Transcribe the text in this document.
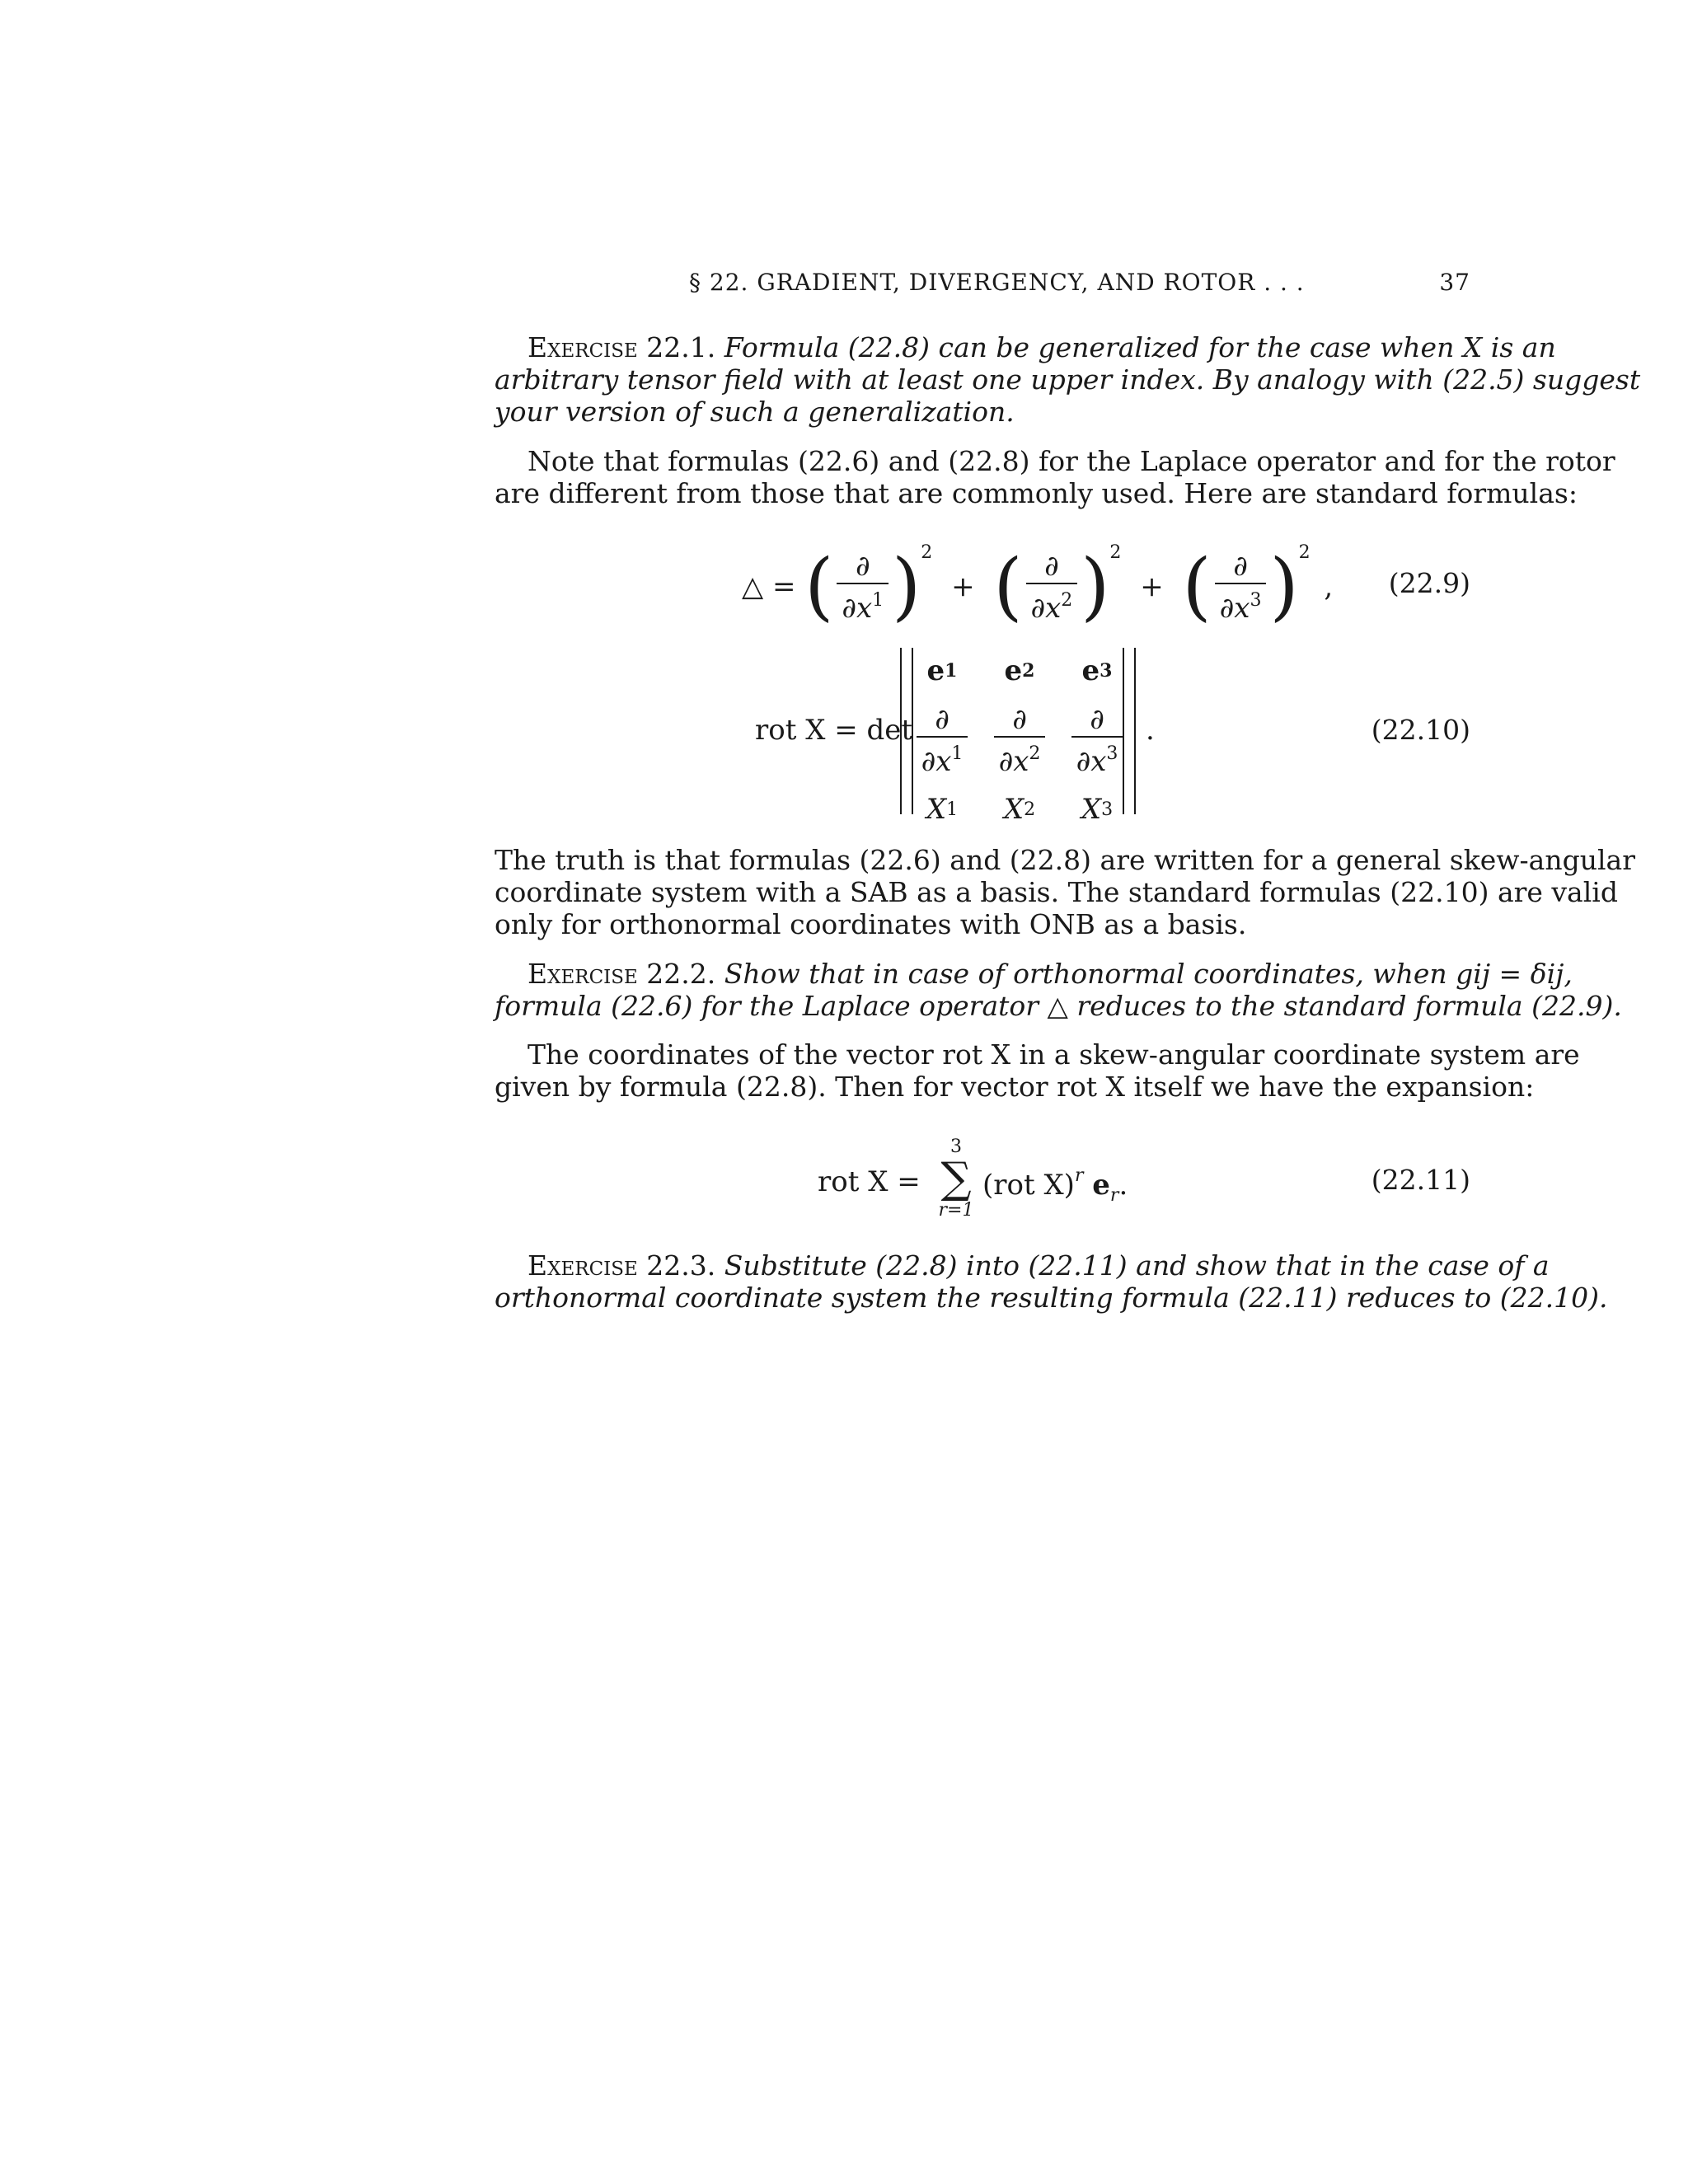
§ 22. GRADIENT, DIVERGENCY, AND ROTOR . . .	37
Exercise 22.1. Formula (22.8) can be generalized for the case when X is an
arbitrary tensor field with at least one upper index. By analogy with (22.5) suggest
your version of such a generalization.
Note that formulas (22.6) and (22.8) for the Laplace operator and for the rotor
are different from those that are commonly used. Here are standard formulas:
△ = ( $\frac{\partial}{\partial x^1} )^2$ + ( $\frac{\partial}{\partial x^2} )^2$ + ( $\frac{\partial}{\partial x^3} )^2$ , (22.9)
rot X = det
e 1 e 2 e 3
$\frac{\partial}{\partial x^1} \frac{\partial}{\partial x^2} \frac{\partial}{\partial x^3}$
X 1 X 2 X 3
.	(22.10)
The truth is that formulas (22.6) and (22.8) are written for a general skew-angular
coordinate system with a SAB as a basis. The standard formulas (22.10) are valid
only for orthonormal coordinates with ONB as a basis.
Exercise 22.2. Show that in case of orthonormal coordinates, when gij = δij,
formula (22.6) for the Laplace operator △ reduces to the standard formula (22.9).
The coordinates of the vector rot X in a skew-angular coordinate system are
given by formula (22.8). Then for vector rot X itself we have the expansion:
rot X =
3
∑
r=1
(rot X)$^r$ $e_r$.	(22.11)
Exercise 22.3. Substitute (22.8) into (22.11) and show that in the case of a
orthonormal coordinate system the resulting formula (22.11) reduces to (22.10).
